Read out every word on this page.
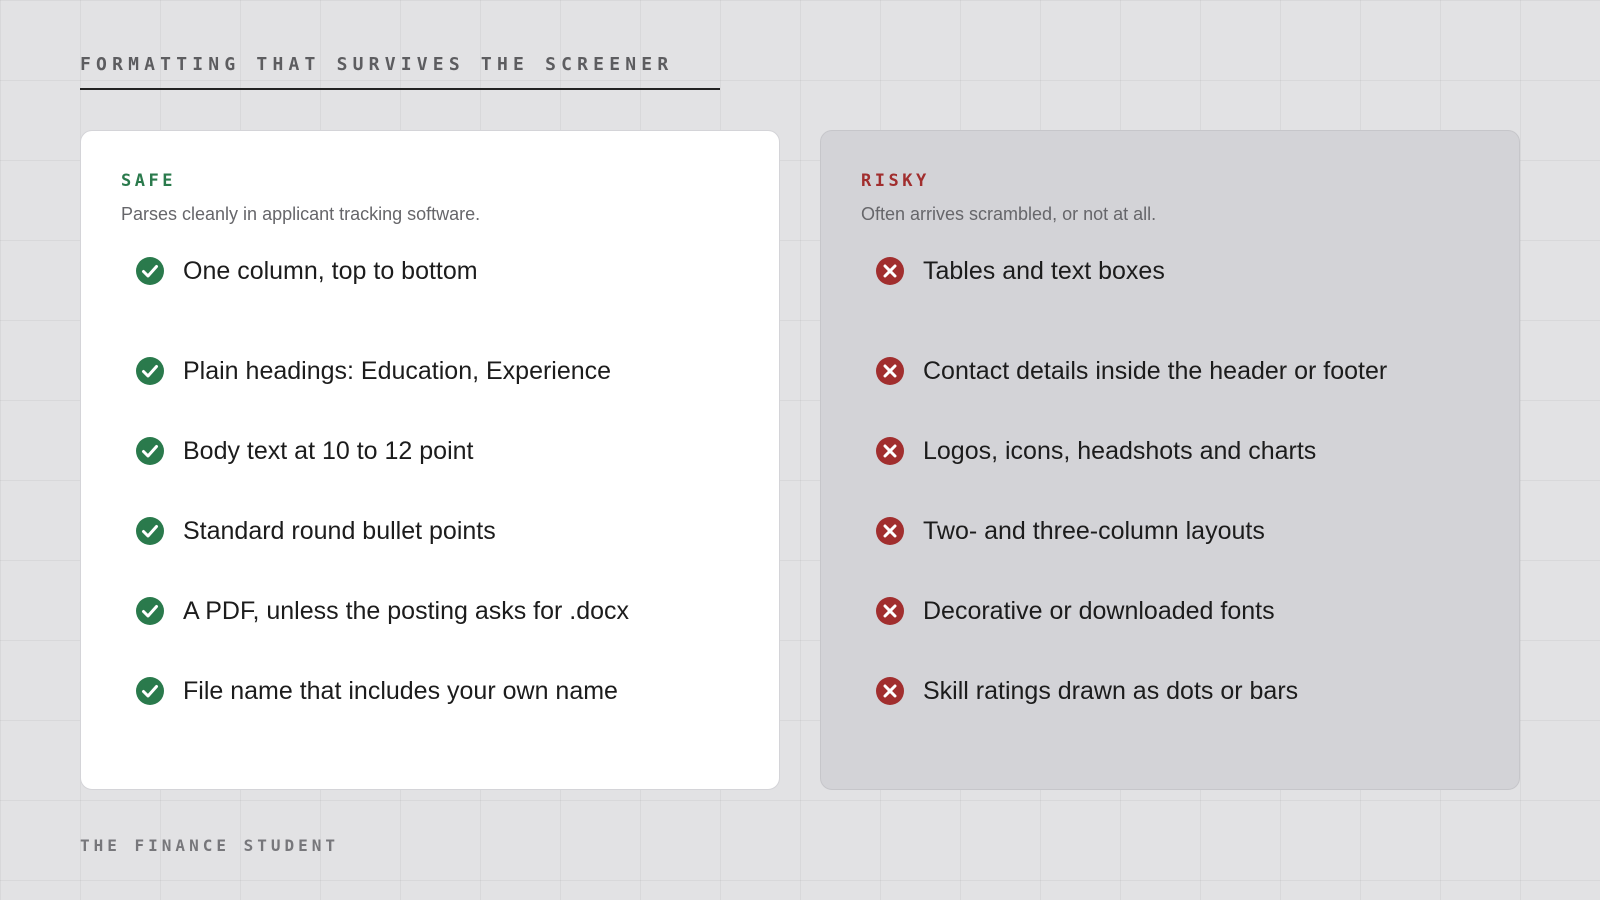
FORMATTING THAT SURVIVES THE SCREENER
SAFE
Parses cleanly in applicant tracking software.
One column, top to bottom
Plain headings: Education, Experience
Body text at 10 to 12 point
Standard round bullet points
A PDF, unless the posting asks for .docx
File name that includes your own name
RISKY
Often arrives scrambled, or not at all.
Tables and text boxes
Contact details inside the header or footer
Logos, icons, headshots and charts
Two- and three-column layouts
Decorative or downloaded fonts
Skill ratings drawn as dots or bars
THE FINANCE STUDENT
